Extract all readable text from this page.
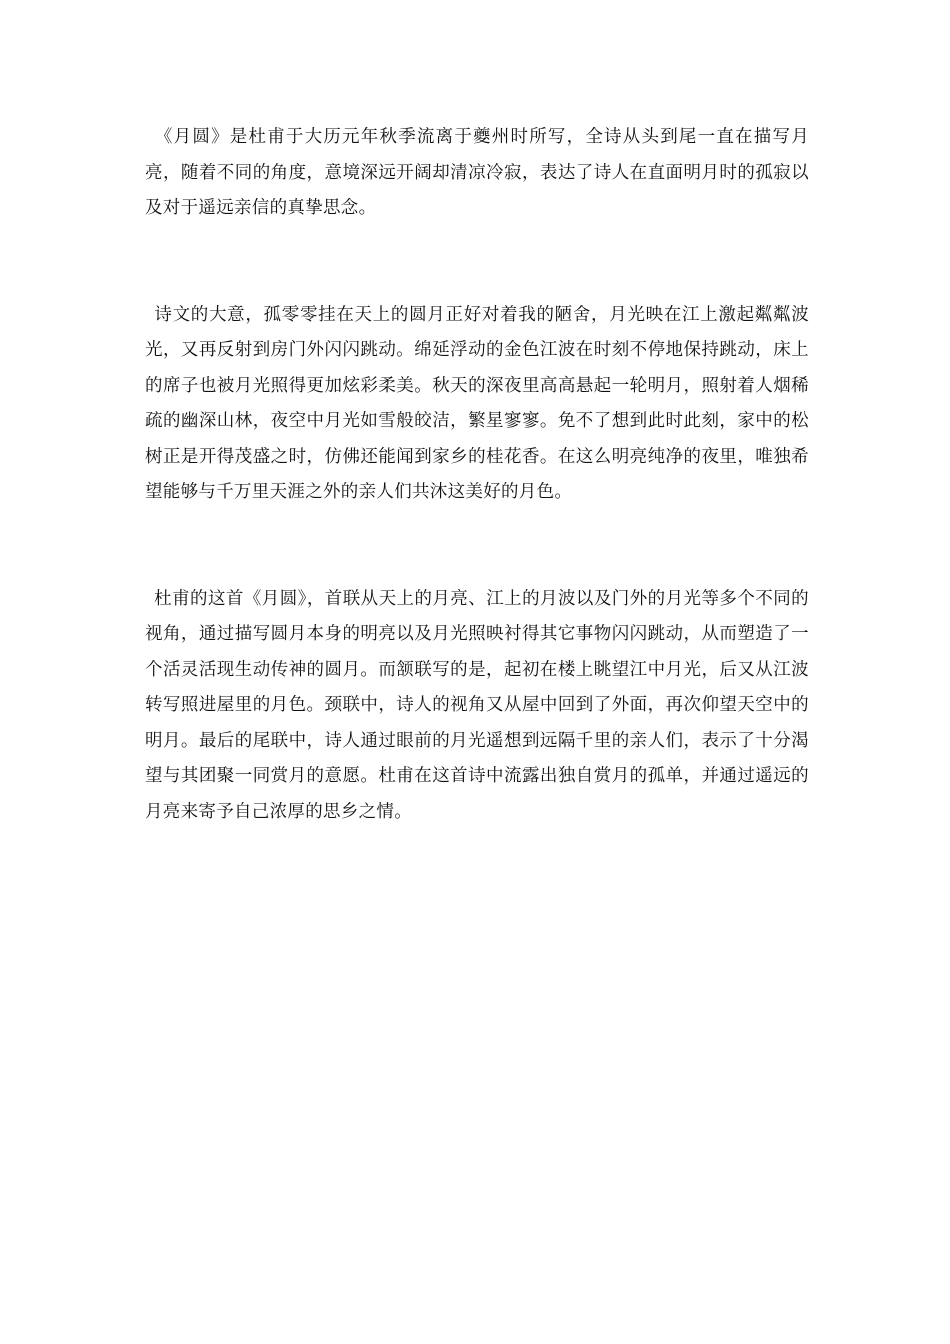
《月圆》是杜甫于大历元年秋季流离于夔州时所写，全诗从头到尾一直在描写月亮，随着不同的角度，意境深远开阔却清凉冷寂，表达了诗人在直面明月时的孤寂以及对于遥远亲信的真挚思念。

诗文的大意，孤零零挂在天上的圆月正好对着我的陋舍，月光映在江上激起粼粼波光，又再反射到房门外闪闪跳动。绵延浮动的金色江波在时刻不停地保持跳动，床上的席子也被月光照得更加炫彩柔美。秋天的深夜里高高悬起一轮明月，照射着人烟稀疏的幽深山林，夜空中月光如雪般皎洁，繁星寥寥。免不了想到此时此刻，家中的松树正是开得茂盛之时，仿佛还能闻到家乡的桂花香。在这么明亮纯净的夜里，唯独希望能够与千万里天涯之外的亲人们共沐这美好的月色。

杜甫的这首《月圆》，首联从天上的月亮、江上的月波以及门外的月光等多个不同的视角，通过描写圆月本身的明亮以及月光照映衬得其它事物闪闪跳动，从而塑造了一个活灵活现生动传神的圆月。而颔联写的是，起初在楼上眺望江中月光，后又从江波转写照进屋里的月色。颈联中，诗人的视角又从屋中回到了外面，再次仰望天空中的明月。最后的尾联中，诗人通过眼前的月光遥想到远隔千里的亲人们，表示了十分渴望与其团聚一同赏月的意愿。杜甫在这首诗中流露出独自赏月的孤单，并通过遥远的月亮来寄予自己浓厚的思乡之情。
